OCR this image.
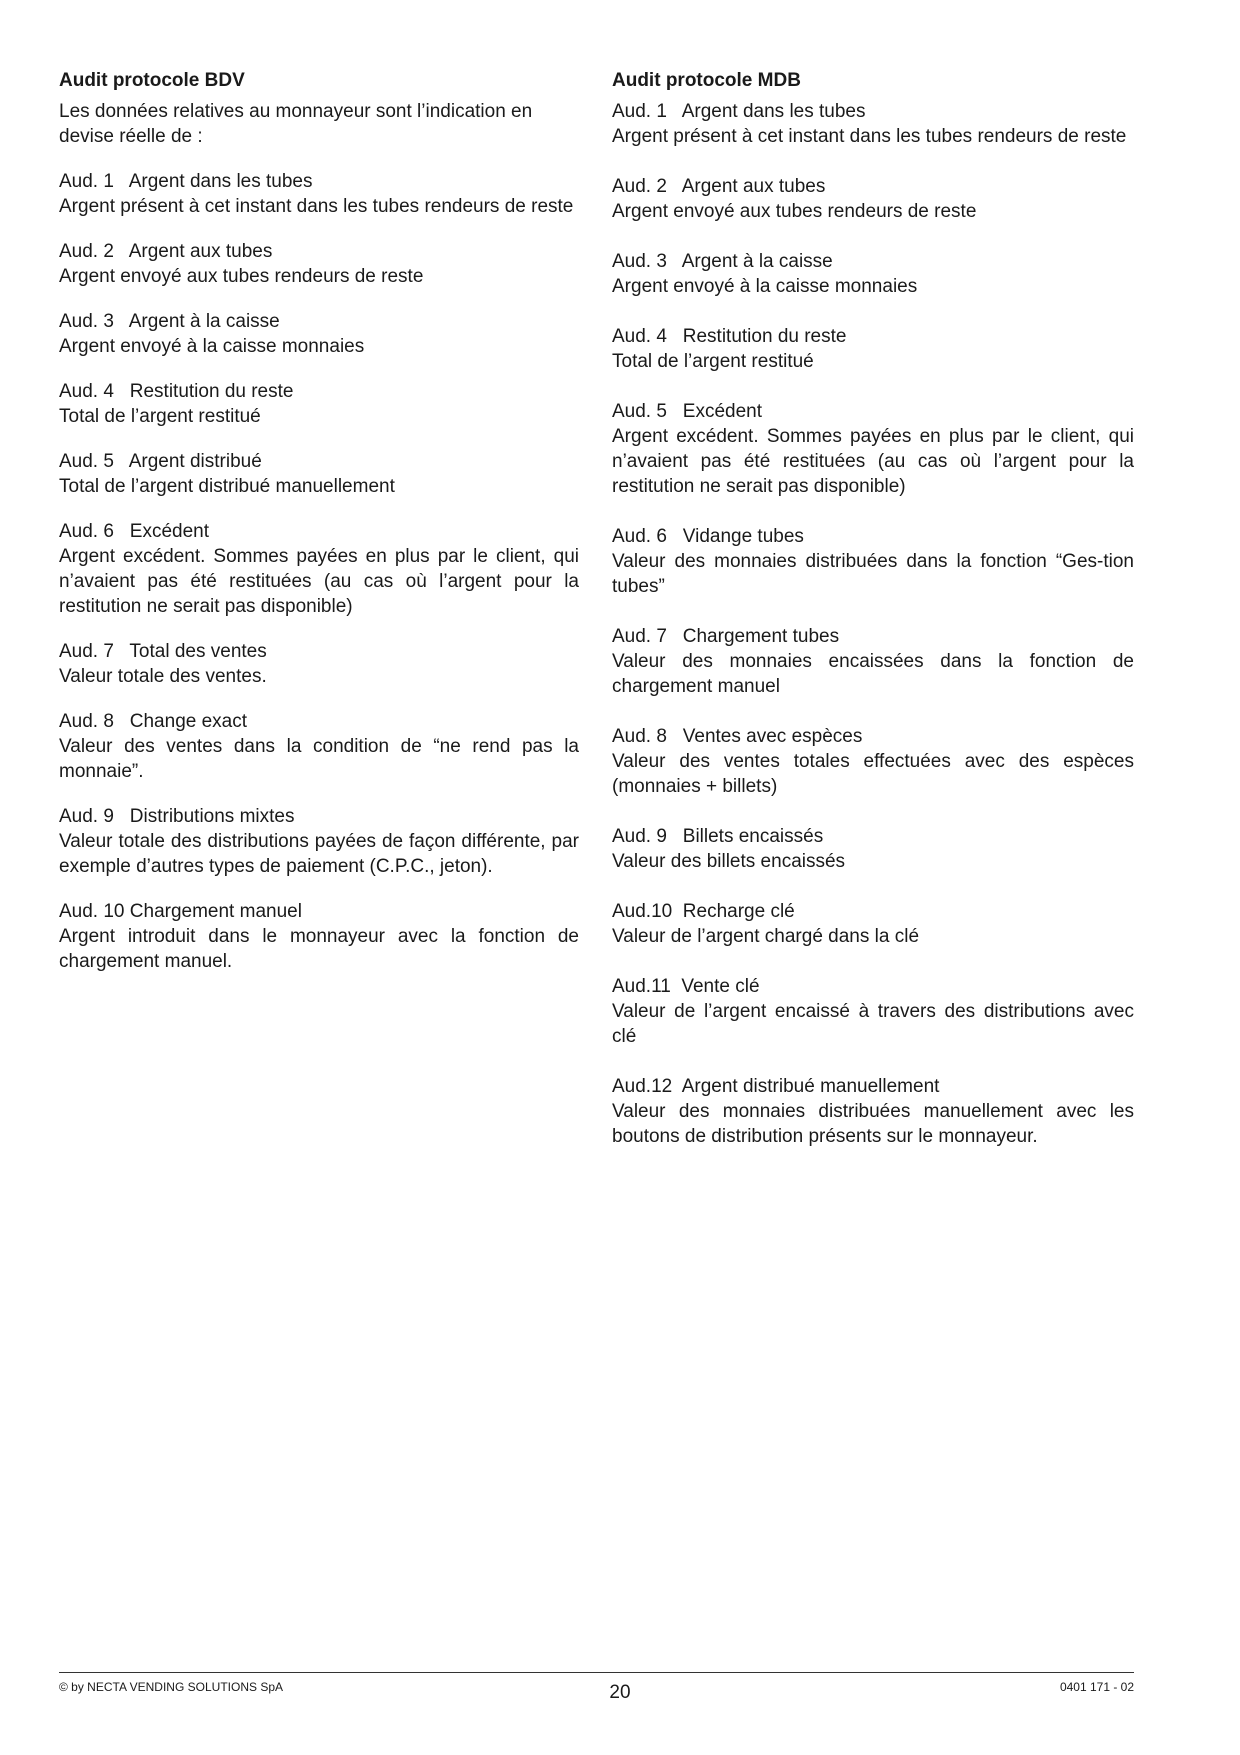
Audit protocole BDV
Les données relatives au monnayeur sont l’indication en devise réelle de :
Aud. 1   Argent dans les tubes
Argent présent à cet instant dans les tubes rendeurs de reste
Aud. 2   Argent aux tubes
Argent envoyé aux tubes rendeurs de reste
Aud. 3   Argent à la caisse
Argent envoyé à la caisse monnaies
Aud. 4   Restitution du reste
Total de l’argent restitué
Aud. 5   Argent distribué
Total de l’argent distribué manuellement
Aud. 6   Excédent
Argent excédent. Sommes payées en plus par le client, qui n’avaient pas été restituées (au cas où l’argent pour la restitution ne serait pas disponible)
Aud. 7   Total des ventes
Valeur totale des ventes.
Aud. 8   Change exact
Valeur des ventes dans la condition de “ne rend pas la monnaie”.
Aud. 9   Distributions mixtes
Valeur totale des distributions payées de façon différente, par exemple d’autres types de paiement (C.P.C., jeton).
Aud. 10 Chargement manuel
Argent introduit dans le monnayeur avec la fonction de chargement manuel.
Audit protocole MDB
Aud. 1   Argent dans les tubes
Argent présent à cet instant dans les tubes rendeurs de reste
Aud. 2   Argent aux tubes
Argent envoyé aux tubes rendeurs de reste
Aud. 3   Argent à la caisse
Argent envoyé à la caisse monnaies
Aud. 4   Restitution du reste
Total de l’argent restitué
Aud. 5   Excédent
Argent excédent. Sommes payées en plus par le client, qui n’avaient pas été restituées (au cas où l’argent pour la restitution ne serait pas disponible)
Aud. 6   Vidange tubes
Valeur des monnaies distribuées dans la fonction “Ges-tion tubes”
Aud. 7   Chargement tubes
Valeur des monnaies encaissées dans la fonction de chargement manuel
Aud. 8   Ventes avec espèces
Valeur des ventes totales effectuées avec des espèces (monnaies + billets)
Aud. 9   Billets encaissés
Valeur des billets encaissés
Aud.10  Recharge clé
Valeur de l’argent chargé dans la clé
Aud.11  Vente clé
Valeur de l’argent encaissé à travers des distributions avec clé
Aud.12  Argent distribué manuellement
Valeur des monnaies distribuées manuellement avec les boutons de distribution présents sur le monnayeur.
© by NECTA VENDING SOLUTIONS SpA	20	0401 171 - 02
